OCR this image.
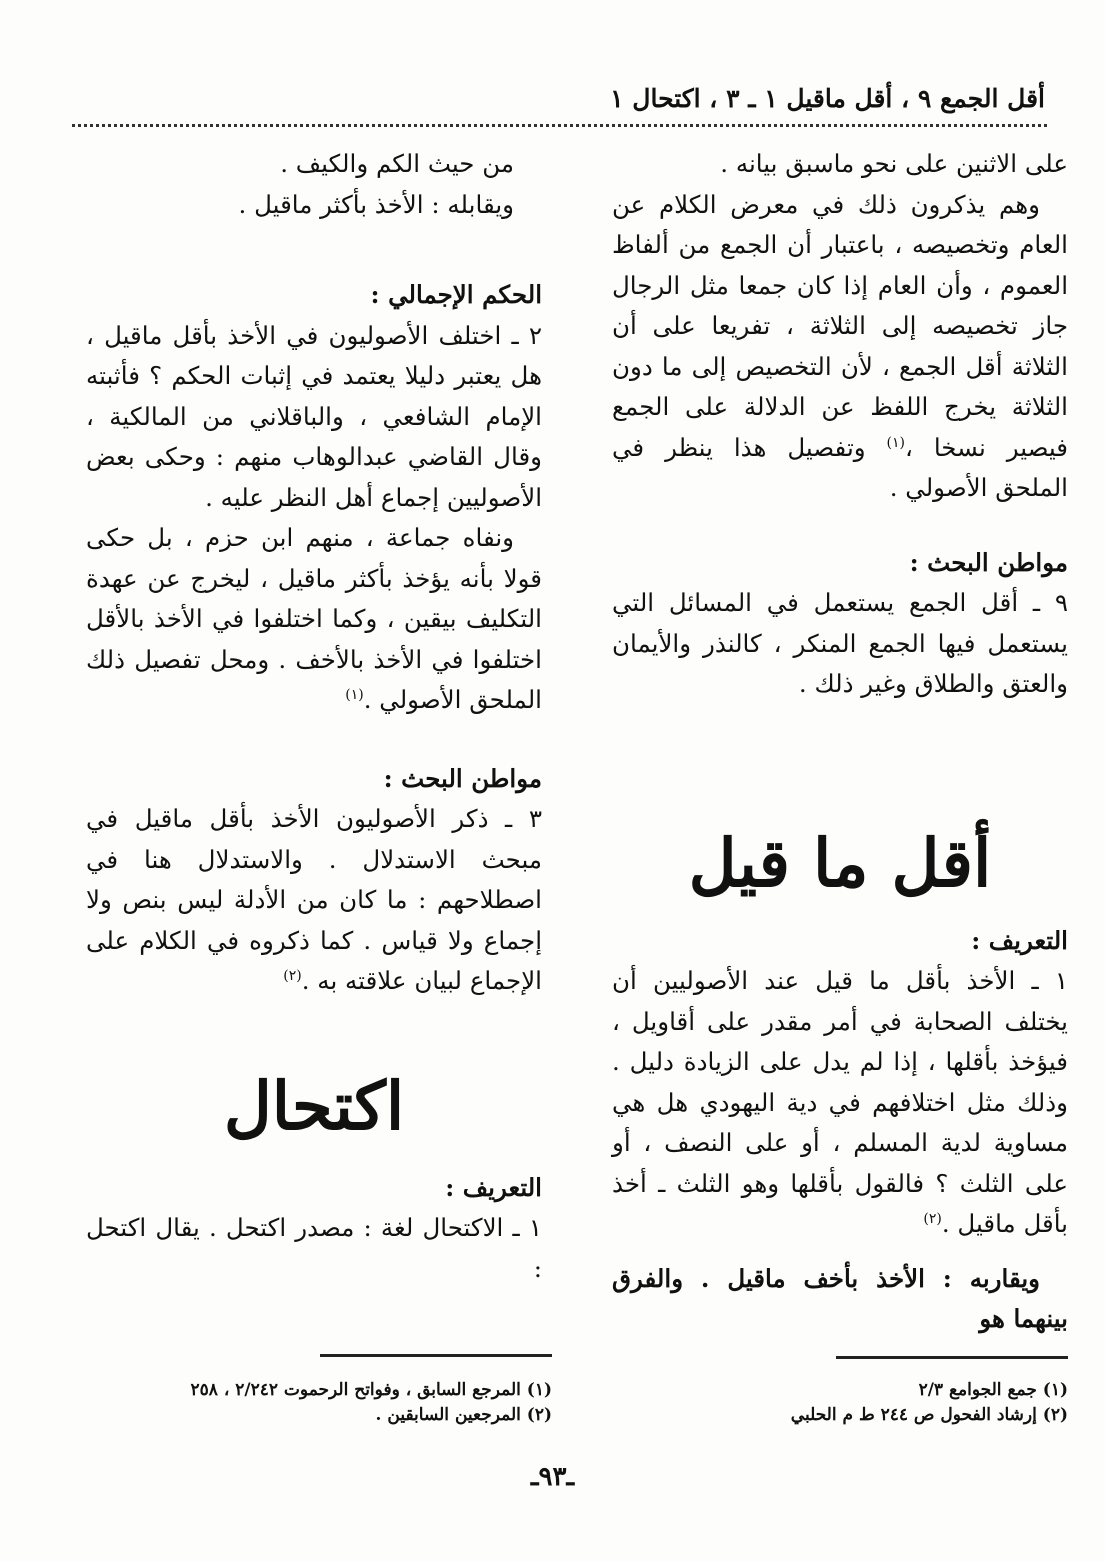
أقل الجمع ٩ ، أقل ماقيل ١ ـ ٣ ، اكتحال ١

على الاثنين على نحو ماسبق بيانه .

وهم يذكرون ذلك في معرض الكلام عن العام وتخصيصه ، باعتبار أن الجمع من ألفاظ العموم ، وأن العام إذا كان جمعا مثل الرجال جاز تخصيصه إلى الثلاثة ، تفريعا على أن الثلاثة أقل الجمع ، لأن التخصيص إلى ما دون الثلاثة يخرج اللفظ عن الدلالة على الجمع فيصير نسخا ،$^{(١)}$ وتفصيل هذا ينظر في الملحق الأصولي .

مواطن البحث :

٩ ـ أقل الجمع يستعمل في المسائل التي يستعمل فيها الجمع المنكر ، كالنذر والأيمان والعتق والطلاق وغير ذلك .

أقل ما قيل

التعريف :

١ ـ الأخذ بأقل ما قيل عند الأصوليين أن يختلف الصحابة في أمر مقدر على أقاويل ، فيؤخذ بأقلها ، إذا لم يدل على الزيادة دليل . وذلك مثل اختلافهم في دية اليهودي هل هي مساوية لدية المسلم ، أو على النصف ، أو على الثلث ؟ فالقول بأقلها وهو الثلث ـ أخذ بأقل ماقيل .$^{(٢)}$

ويقاربه : الأخذ بأخف ماقيل . والفرق بينهما هو

من حيث الكم والكيف .

ويقابله : الأخذ بأكثر ماقيل .

الحكم الإجمالي :

٢ ـ اختلف الأصوليون في الأخذ بأقل ماقيل ، هل يعتبر دليلا يعتمد في إثبات الحكم ؟ فأثبته الإمام الشافعي ، والباقلاني من المالكية ، وقال القاضي عبدالوهاب منهم : وحكى بعض الأصوليين إجماع أهل النظر عليه .

ونفاه جماعة ، منهم ابن حزم ، بل حكى قولا بأنه يؤخذ بأكثر ماقيل ، ليخرج عن عهدة التكليف بيقين ، وكما اختلفوا في الأخذ بالأقل اختلفوا في الأخذ بالأخف . ومحل تفصيل ذلك الملحق الأصولي .$^{(١)}$

مواطن البحث :

٣ ـ ذكر الأصوليون الأخذ بأقل ماقيل في مبحث الاستدلال . والاستدلال هنا في اصطلاحهم : ما كان من الأدلة ليس بنص ولا إجماع ولا قياس . كما ذكروه في الكلام على الإجماع لبيان علاقته به .$^{(٢)}$

اكتحال

التعريف :

١ ـ الاكتحال لغة : مصدر اكتحل . يقال اكتحل :

(١) جمع الجوامع ٢/٣

(٢) إرشاد الفحول ص ٢٤٤ ط م الحلبي

(١) المرجع السابق ، وفواتح الرحموت ٢/٢٤٢ ، ٢٥٨

(٢) المرجعين السابقين .

ـ٩٣ـ
